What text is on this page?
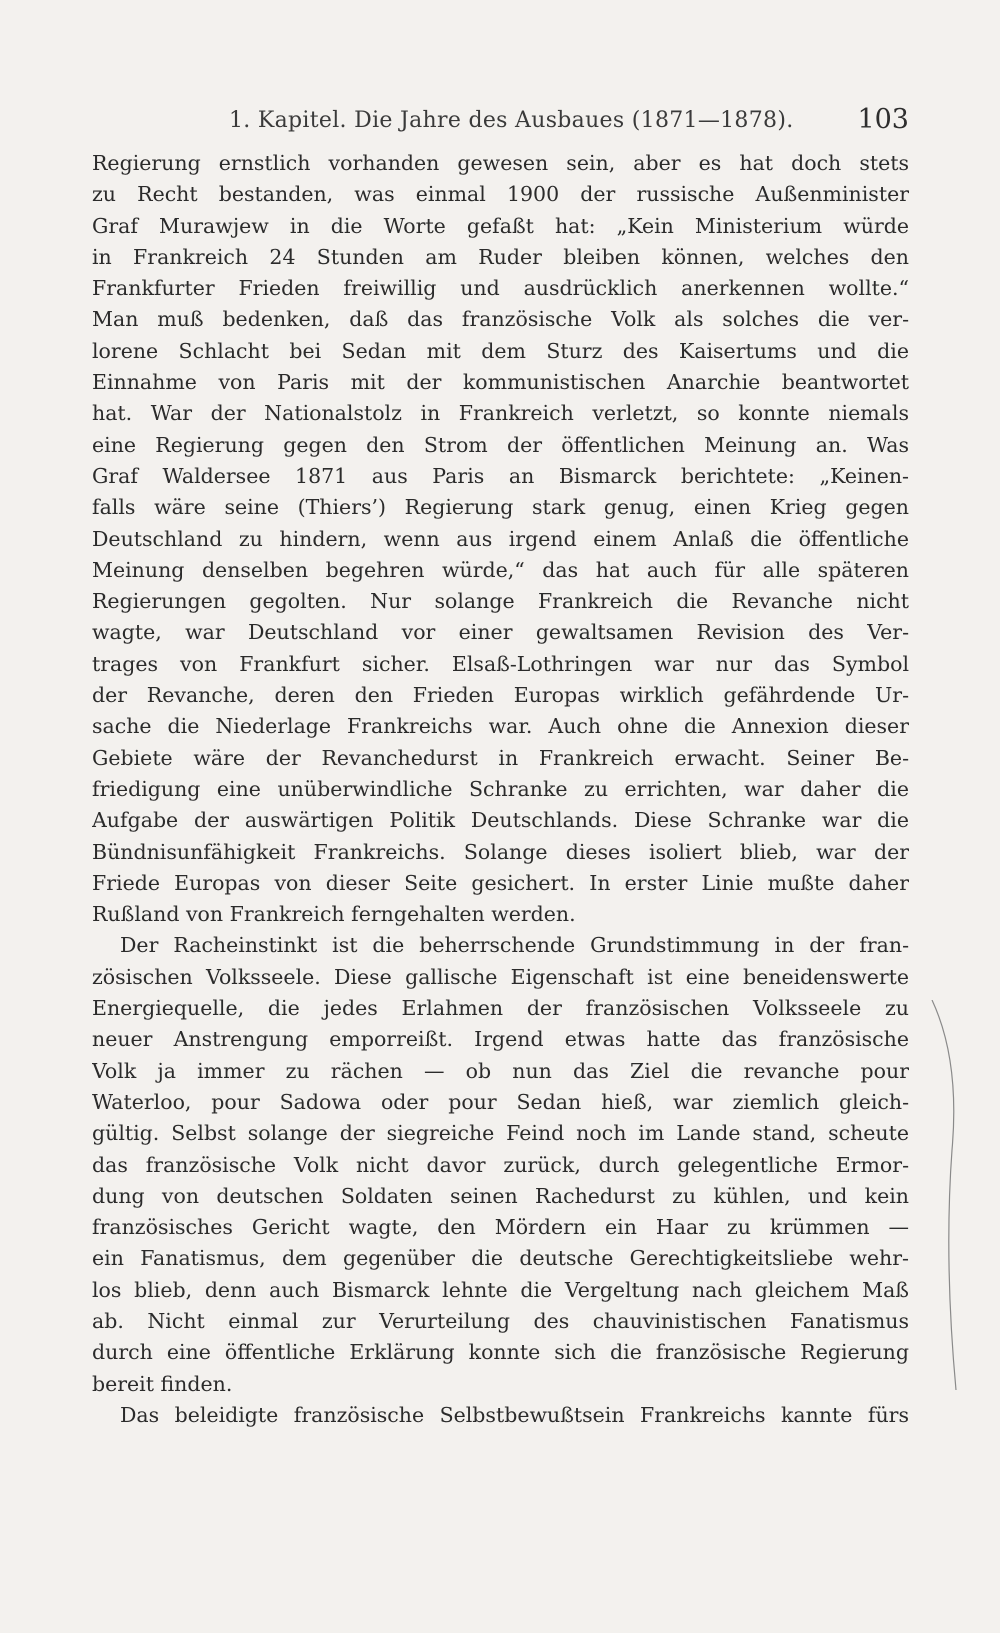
1. Kapitel. Die Jahre des Ausbaues (1871—1878). 103
Regierung ernstlich vorhanden gewesen sein, aber es hat doch stets
zu Recht bestanden, was einmal 1900 der russische Außenminister
Graf Murawjew in die Worte gefaßt hat: „Kein Ministerium würde
in Frankreich 24 Stunden am Ruder bleiben können, welches den
Frankfurter Frieden freiwillig und ausdrücklich anerkennen wollte.“
Man muß bedenken, daß das französische Volk als solches die ver-
lorene Schlacht bei Sedan mit dem Sturz des Kaisertums und die
Einnahme von Paris mit der kommunistischen Anarchie beantwortet
hat. War der Nationalstolz in Frankreich verletzt, so konnte niemals
eine Regierung gegen den Strom der öffentlichen Meinung an. Was
Graf Waldersee 1871 aus Paris an Bismarck berichtete: „Keinen-
falls wäre seine (Thiers’) Regierung stark genug, einen Krieg gegen
Deutschland zu hindern, wenn aus irgend einem Anlaß die öffentliche
Meinung denselben begehren würde,“ das hat auch für alle späteren
Regierungen gegolten. Nur solange Frankreich die Revanche nicht
wagte, war Deutschland vor einer gewaltsamen Revision des Ver-
trages von Frankfurt sicher. Elsaß-Lothringen war nur das Symbol
der Revanche, deren den Frieden Europas wirklich gefährdende Ur-
sache die Niederlage Frankreichs war. Auch ohne die Annexion dieser
Gebiete wäre der Revanchedurst in Frankreich erwacht. Seiner Be-
friedigung eine unüberwindliche Schranke zu errichten, war daher die
Aufgabe der auswärtigen Politik Deutschlands. Diese Schranke war die
Bündnisunfähigkeit Frankreichs. Solange dieses isoliert blieb, war der
Friede Europas von dieser Seite gesichert. In erster Linie mußte daher
Rußland von Frankreich ferngehalten werden.
Der Racheinstinkt ist die beherrschende Grundstimmung in der fran-
zösischen Volksseele. Diese gallische Eigenschaft ist eine beneidenswerte
Energiequelle, die jedes Erlahmen der französischen Volksseele zu
neuer Anstrengung emporreißt. Irgend etwas hatte das französische
Volk ja immer zu rächen — ob nun das Ziel die revanche pour
Waterloo, pour Sadowa oder pour Sedan hieß, war ziemlich gleich-
gültig. Selbst solange der siegreiche Feind noch im Lande stand, scheute
das französische Volk nicht davor zurück, durch gelegentliche Ermor-
dung von deutschen Soldaten seinen Rachedurst zu kühlen, und kein
französisches Gericht wagte, den Mördern ein Haar zu krümmen —
ein Fanatismus, dem gegenüber die deutsche Gerechtigkeitsliebe wehr-
los blieb, denn auch Bismarck lehnte die Vergeltung nach gleichem Maß
ab. Nicht einmal zur Verurteilung des chauvinistischen Fanatismus
durch eine öffentliche Erklärung konnte sich die französische Regierung
bereit finden.
Das beleidigte französische Selbstbewußtsein Frankreichs kannte fürs
